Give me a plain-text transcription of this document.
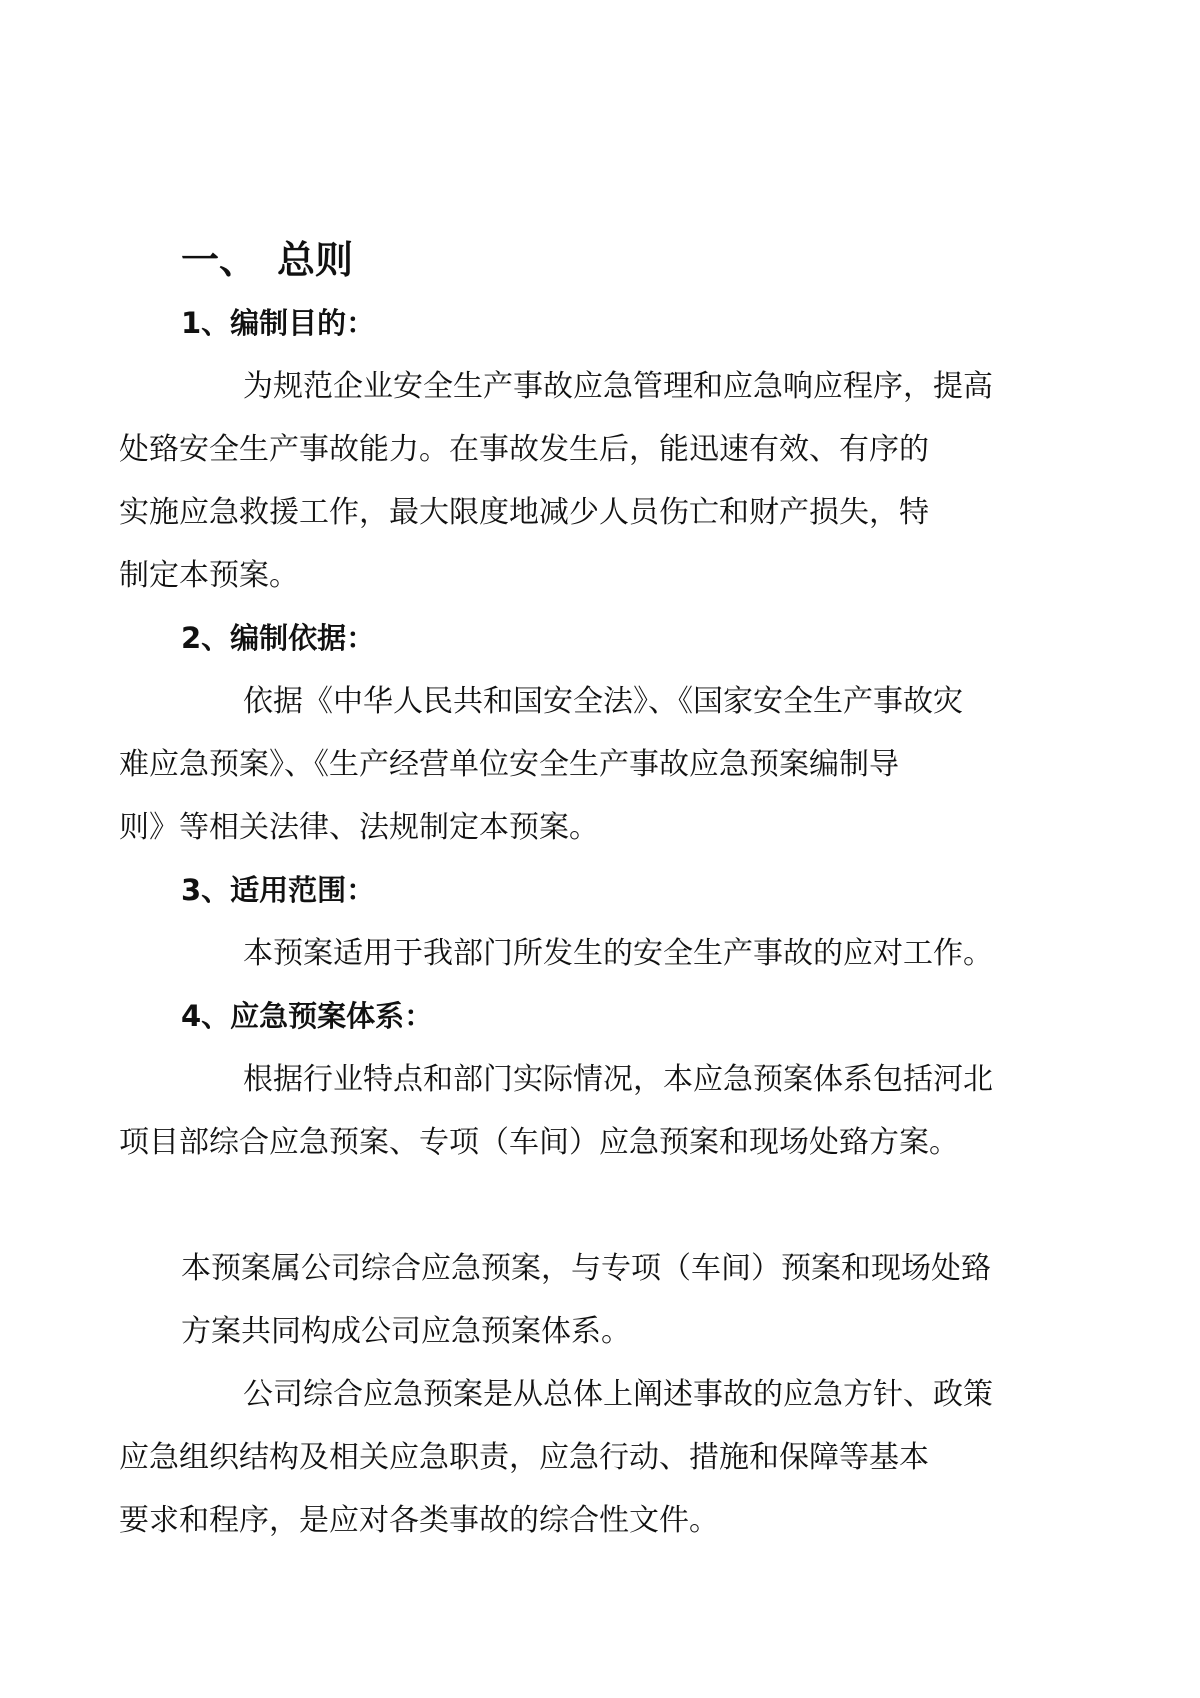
一、 总则
1、编制目的：
为规范企业安全生产事故应急管理和应急响应程序，提高
处臵安全生产事故能力。在事故发生后，能迅速有效、有序的
实施应急救援工作，最大限度地减少人员伤亡和财产损失，特
制定本预案。
2、编制依据：
依据《中华人民共和国安全法》、《国家安全生产事故灾
难应急预案》、《生产经营单位安全生产事故应急预案编制导
则》等相关法律、法规制定本预案。
3、适用范围：
本预案适用于我部门所发生的安全生产事故的应对工作。
4、应急预案体系：
根据行业特点和部门实际情况，本应急预案体系包括河北
项目部综合应急预案、专项（车间）应急预案和现场处臵方案。
本预案属公司综合应急预案，与专项（车间）预案和现场处臵
方案共同构成公司应急预案体系。
公司综合应急预案是从总体上阐述事故的应急方针、政策
应急组织结构及相关应急职责，应急行动、措施和保障等基本
要求和程序，是应对各类事故的综合性文件。
